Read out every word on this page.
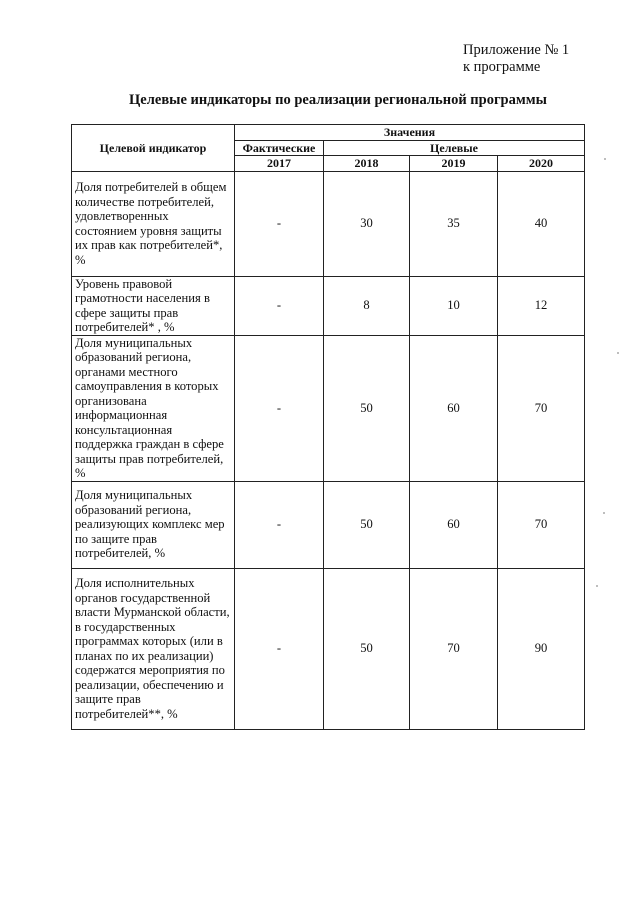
Приложение № 1
к программе
Целевые индикаторы по реализации региональной программы
Целевой индикатор	Значения			
	Фактические	Целевые		
	2017	2018	2019	2020
Доля потребителей в общем количестве потребителей, удовлетворенных состоянием уровня защиты их прав как потребителей*, %	-	30	35	40
Уровень правовой грамотности населения в сфере защиты прав потребителей* , %	-	8	10	12
Доля муниципальных образований региона, органами местного самоуправления в которых организована информационная консультационная поддержка граждан в сфере защиты прав потребителей, %	-	50	60	70
Доля муниципальных образований региона, реализующих комплекс мер по защите прав потребителей, %	-	50	60	70
Доля исполнительных органов государственной власти Мурманской области, в государственных программах которых (или в планах по их реализации) содержатся мероприятия по реализации, обеспечению и защите прав потребителей**, %	-	50	70	90
